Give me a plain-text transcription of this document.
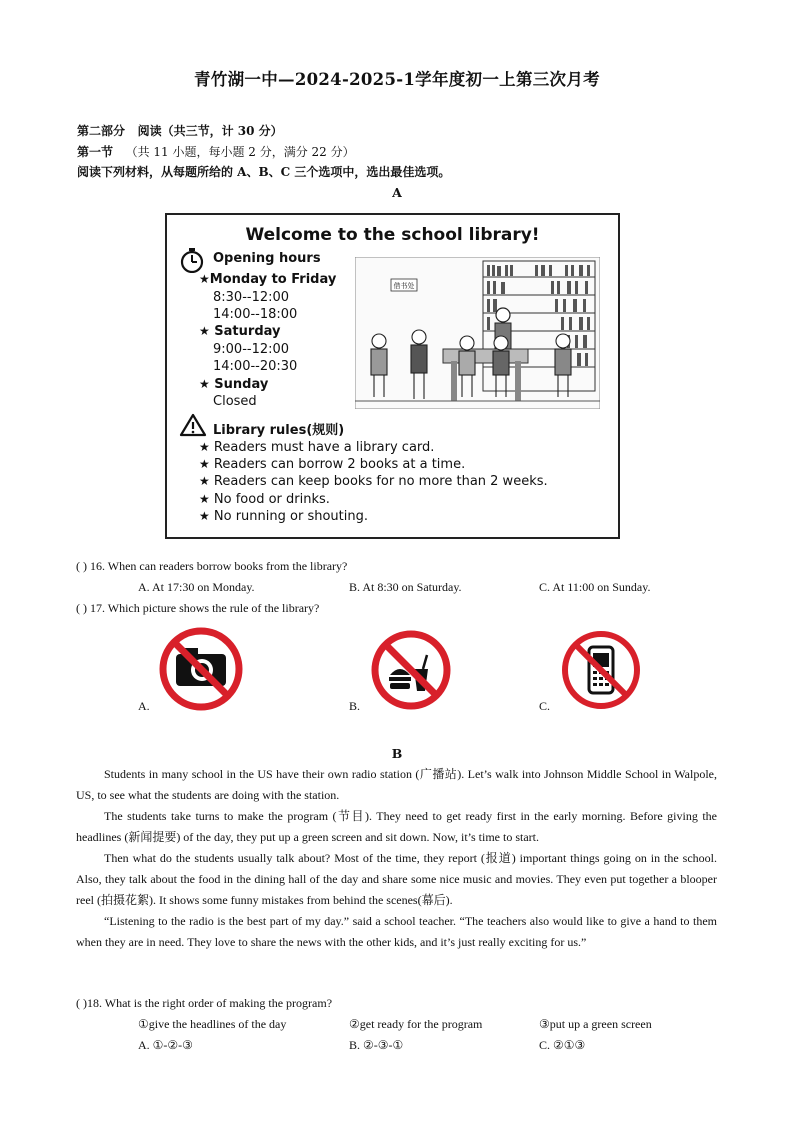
青竹湖一中—2024-2025-1学年度初一上第三次月考
第二部分 阅读（共三节，计 30 分）
第一节 （共 11 小题，每小题 2 分，满分 22 分）
阅读下列材料，从每题所给的 A、B、C 三个选项中，选出最佳选项。
A
Welcome to the school library!
Opening hours
★Monday to Friday
8:30--12:00
14:00--18:00
★ Saturday
9:00--12:00
14:00--20:30
★ Sunday
Closed
Library rules(规则)
★ Readers must have a library card.
★ Readers can borrow 2 books at a time.
★ Readers can keep books for no more than 2 weeks.
★ No food or drinks.
★ No running or shouting.
借书处
( ) 16. When can readers borrow books from the library?
A. At 17:30 on Monday.	B. At 8:30 on Saturday.	C. At 11:00 on Sunday.
( ) 17. Which picture shows the rule of the library?
A.	B.	C.
B

Students in many school in the US have their own radio station (广播站). Let’s walk into Johnson Middle School in Walpole, US, to see what the students are doing with the station.

The students take turns to make the program (节目). They need to get ready first in the early morning. Before giving the headlines (新闻提要) of the day, they put up a green screen and sit down. Now, it’s time to start.

Then what do the students usually talk about? Most of the time, they report (报道) important things going on in the school. Also, they talk about the food in the dining hall of the day and share some nice music and movies. They even put together a blooper reel (拍摄花絮). It shows some funny mistakes from behind the scenes(幕后).

“Listening to the radio is the best part of my day.” said a school teacher. “The teachers also would like to give a hand to them when they are in need. They love to share the news with the other kids, and it’s just really exciting for us.”

( )18. What is the right order of making the program?
①give the headlines of the day	②get ready for the program	③put up a green screen
A. ①-②-③	B. ②-③-①	C. ②①③
